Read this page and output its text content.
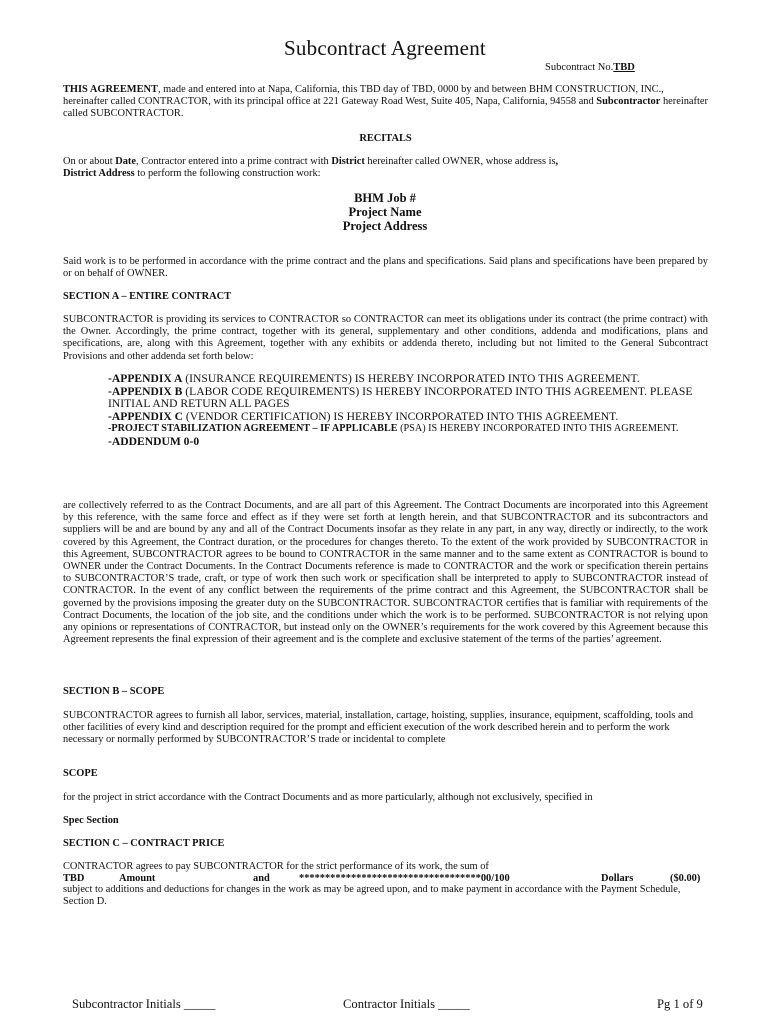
Subcontract Agreement
Subcontract No.TBD
THIS AGREEMENT, made and entered into at Napa, California, this TBD day of TBD, 0000 by and between BHM CONSTRUCTION, INC., hereinafter called CONTRACTOR, with its principal office at 221 Gateway Road West, Suite 405, Napa, California, 94558 and Subcontractor hereinafter called SUBCONTRACTOR.
RECITALS
On or about Date, Contractor entered into a prime contract with District hereinafter called OWNER, whose address is,
District Address to perform the following construction work:
BHM Job #
Project Name
Project Address
Said work is to be performed in accordance with the prime contract and the plans and specifications. Said plans and specifications have been prepared by or on behalf of OWNER.
SECTION A – ENTIRE CONTRACT
SUBCONTRACTOR is providing its services to CONTRACTOR so CONTRACTOR can meet its obligations under its contract (the prime contract) with the Owner. Accordingly, the prime contract, together with its general, supplementary and other conditions, addenda and modifications, plans and specifications, are, along with this Agreement, together with any exhibits or addenda thereto, including but not limited to the General Subcontract Provisions and other addenda set forth below:
-APPENDIX A (INSURANCE REQUIREMENTS) IS HEREBY INCORPORATED INTO THIS AGREEMENT.
-APPENDIX B (LABOR CODE REQUIREMENTS) IS HEREBY INCORPORATED INTO THIS AGREEMENT. PLEASE INITIAL AND RETURN ALL PAGES
-APPENDIX C (VENDOR CERTIFICATION) IS HEREBY INCORPORATED INTO THIS AGREEMENT.
-PROJECT STABILIZATION AGREEMENT – IF APPLICABLE (PSA) IS HEREBY INCORPORATED INTO THIS AGREEMENT.
-ADDENDUM 0-0
are collectively referred to as the Contract Documents, and are all part of this Agreement. The Contract Documents are incorporated into this Agreement by this reference, with the same force and effect as if they were set forth at length herein, and that SUBCONTRACTOR and its subcontractors and suppliers will be and are bound by any and all of the Contract Documents insofar as they relate in any part, in any way, directly or indirectly, to the work covered by this Agreement, the Contract duration, or the procedures for changes thereto. To the extent of the work provided by SUBCONTRACTOR in this Agreement, SUBCONTRACTOR agrees to be bound to CONTRACTOR in the same manner and to the same extent as CONTRACTOR is bound to OWNER under the Contract Documents. In the Contract Documents reference is made to CONTRACTOR and the work or specification therein pertains to SUBCONTRACTOR’S trade, craft, or type of work then such work or specification shall be interpreted to apply to SUBCONTRACTOR instead of CONTRACTOR. In the event of any conflict between the requirements of the prime contract and this Agreement, the SUBCONTRACTOR shall be governed by the provisions imposing the greater duty on the SUBCONTRACTOR. SUBCONTRACTOR certifies that is familiar with requirements of the Contract Documents, the location of the job site, and the conditions under which the work is to be performed. SUBCONTRACTOR is not relying upon any opinions or representations of CONTRACTOR, but instead only on the OWNER’s requirements for the work covered by this Agreement because this Agreement represents the final expression of their agreement and is the complete and exclusive statement of the terms of the parties’ agreement.
SECTION B – SCOPE
SUBCONTRACTOR agrees to furnish all labor, services, material, installation, cartage, hoisting, supplies, insurance, equipment, scaffolding, tools and other facilities of every kind and description required for the prompt and efficient execution of the work described herein and to perform the work necessary or normally performed by SUBCONTRACTOR’S trade or incidental to complete
SCOPE
for the project in strict accordance with the Contract Documents and as more particularly, although not exclusively, specified in
Spec Section
SECTION C – CONTRACT PRICE
CONTRACTOR agrees to pay SUBCONTRACTOR for the strict performance of its work, the sum of
TBD	Amount	and	***********************************00/100	Dollars	($0.00)
subject to additions and deductions for changes in the work as may be agreed upon, and to make payment in accordance with the Payment Schedule, Section D.
Subcontractor Initials _____	Contractor Initials _____	Pg 1 of 9
